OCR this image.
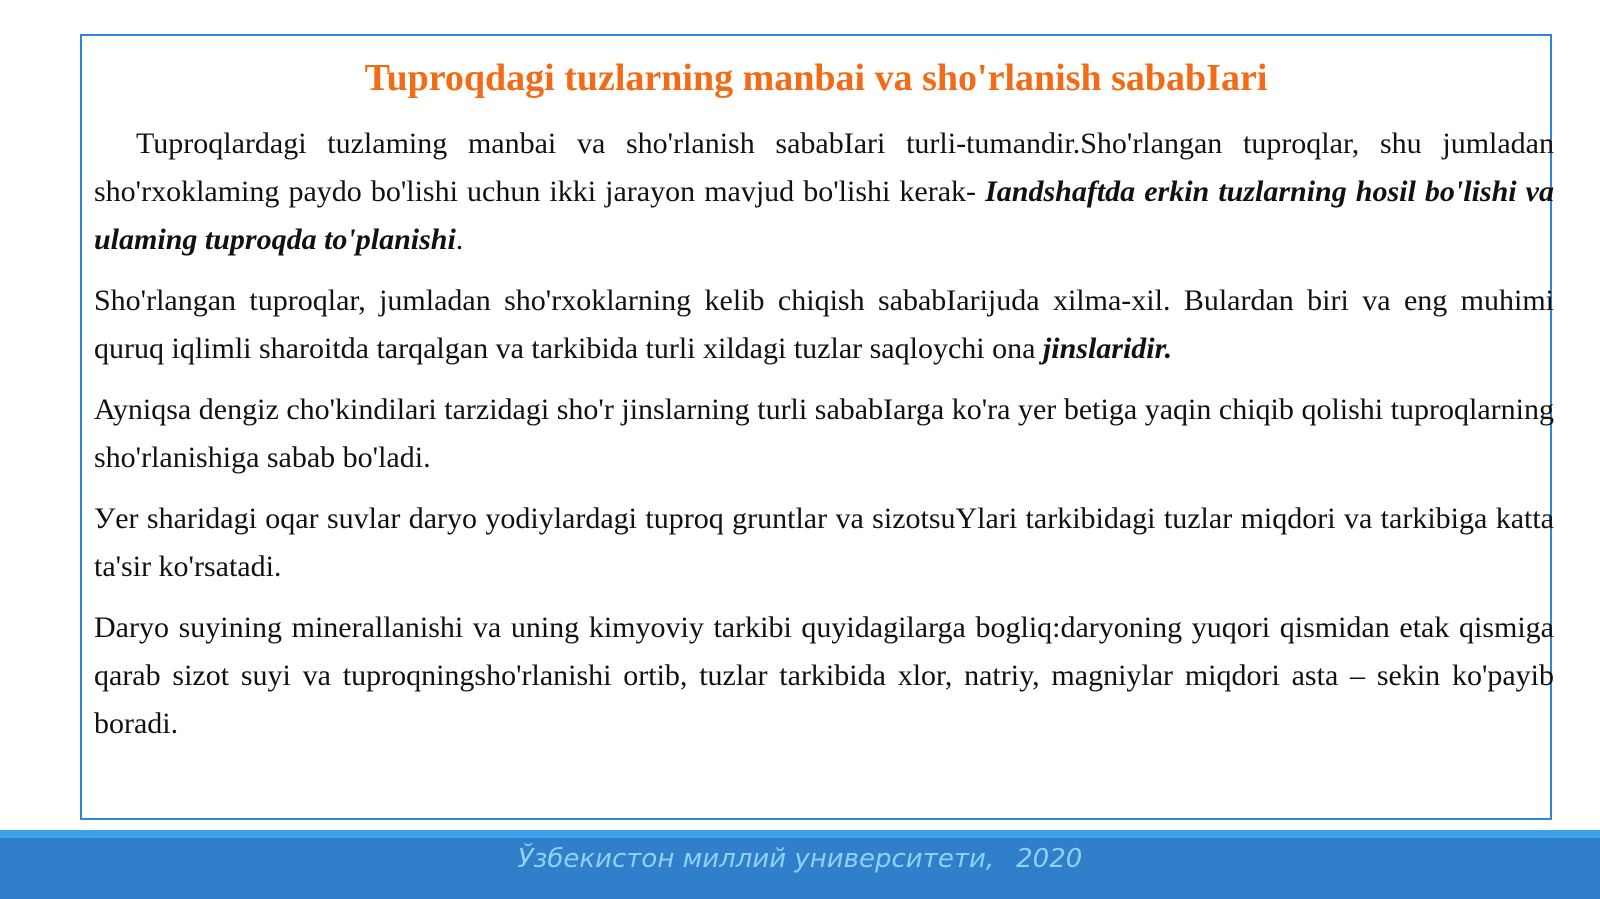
Tuproqdagi tuzlarning manbai va sho'rlanish sababIari

Tuproqlardagi tuzlaming manbai va sho'rlanish sababIari turli-tumandir.Sho'rlangan tuproqlar, shu jumladan sho'rxoklaming paydo bo'lishi uchun ikki jarayon mavjud bo'lishi kerak- Iandshaftda erkin tuzlarning hosil bo'lishi va ulaming tuproqda to'planishi.

Sho'rlangan tuproqlar, jumladan sho'rxoklarning kelib chiqish sababIarijuda xilma-xil. Bulardan biri va eng muhimi quruq iqlimli sharoitda tarqalgan va tarkibida turli xildagi tuzlar saqloychi ona jinslaridir.

Ayniqsa dengiz cho'kindilari tarzidagi sho'r jinslarning turli sababIarga ko'ra yer betiga yaqin chiqib qolishi tuproqlarning sho'rlanishiga sabab bo'ladi.

Уer sharidagi oqar suvlar daryo yodiylardagi tuproq gruntlar va sizotsuYlari tarkibidagi tuzlar miqdori va tarkibiga katta ta'sir ko'rsatadi.

Daryo suyining minerallanishi va uning kimyoviy tarkibi quyidagilarga bogliq:daryoning yuqori qismidan etak qismiga qarab sizot suyi va tuproqningsho'rlanishi ortib, tuzlar tarkibida xlor, natriy, magniylar miqdori asta – sekin ko'payib boradi.

Ўзбекистон миллий университети, 2020
